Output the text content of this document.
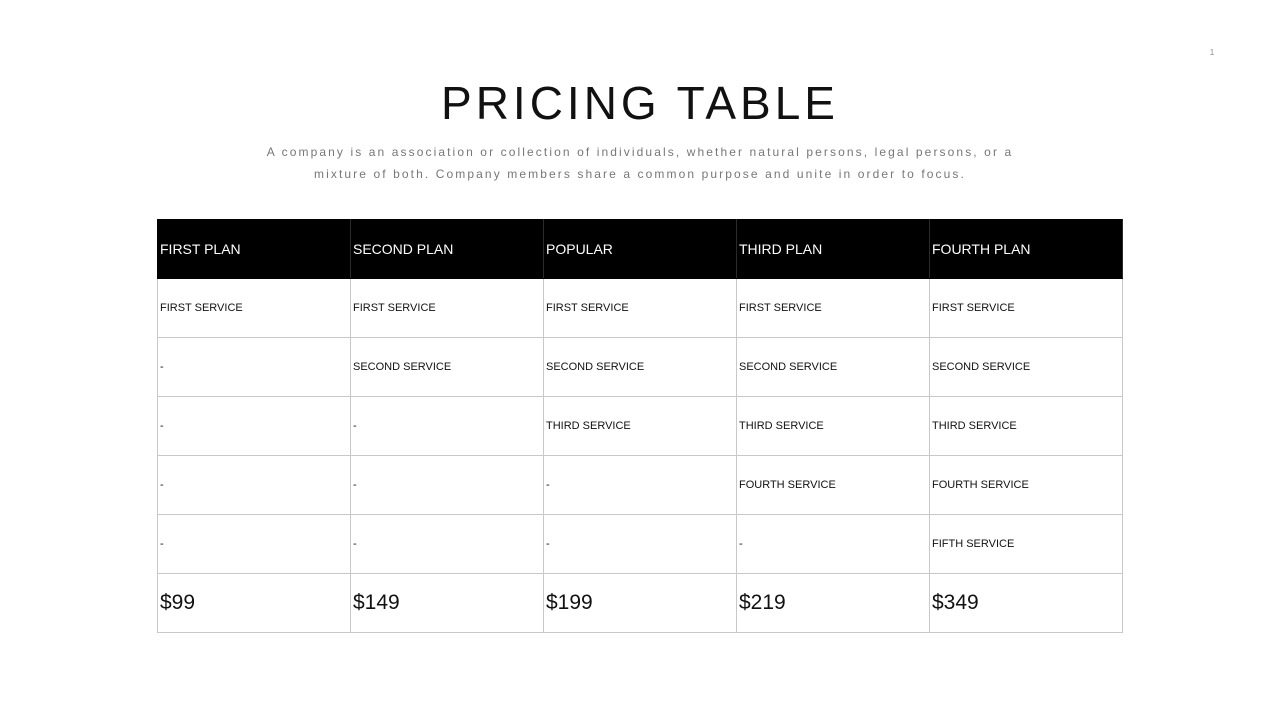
1
PRICING TABLE

A company is an association or collection of individuals, whether natural persons, legal persons, or a
mixture of both. Company members share a common purpose and unite in order to focus.

FIRST PLAN	SECOND PLAN	POPULAR	THIRD PLAN	FOURTH PLAN
FIRST SERVICE	FIRST SERVICE	FIRST SERVICE	FIRST SERVICE	FIRST SERVICE
-	SECOND SERVICE	SECOND SERVICE	SECOND SERVICE	SECOND SERVICE
-	-	THIRD SERVICE	THIRD SERVICE	THIRD SERVICE
-	-	-	FOURTH SERVICE	FOURTH SERVICE
-	-	-	-	FIFTH SERVICE
$99	$149	$199	$219	$349
